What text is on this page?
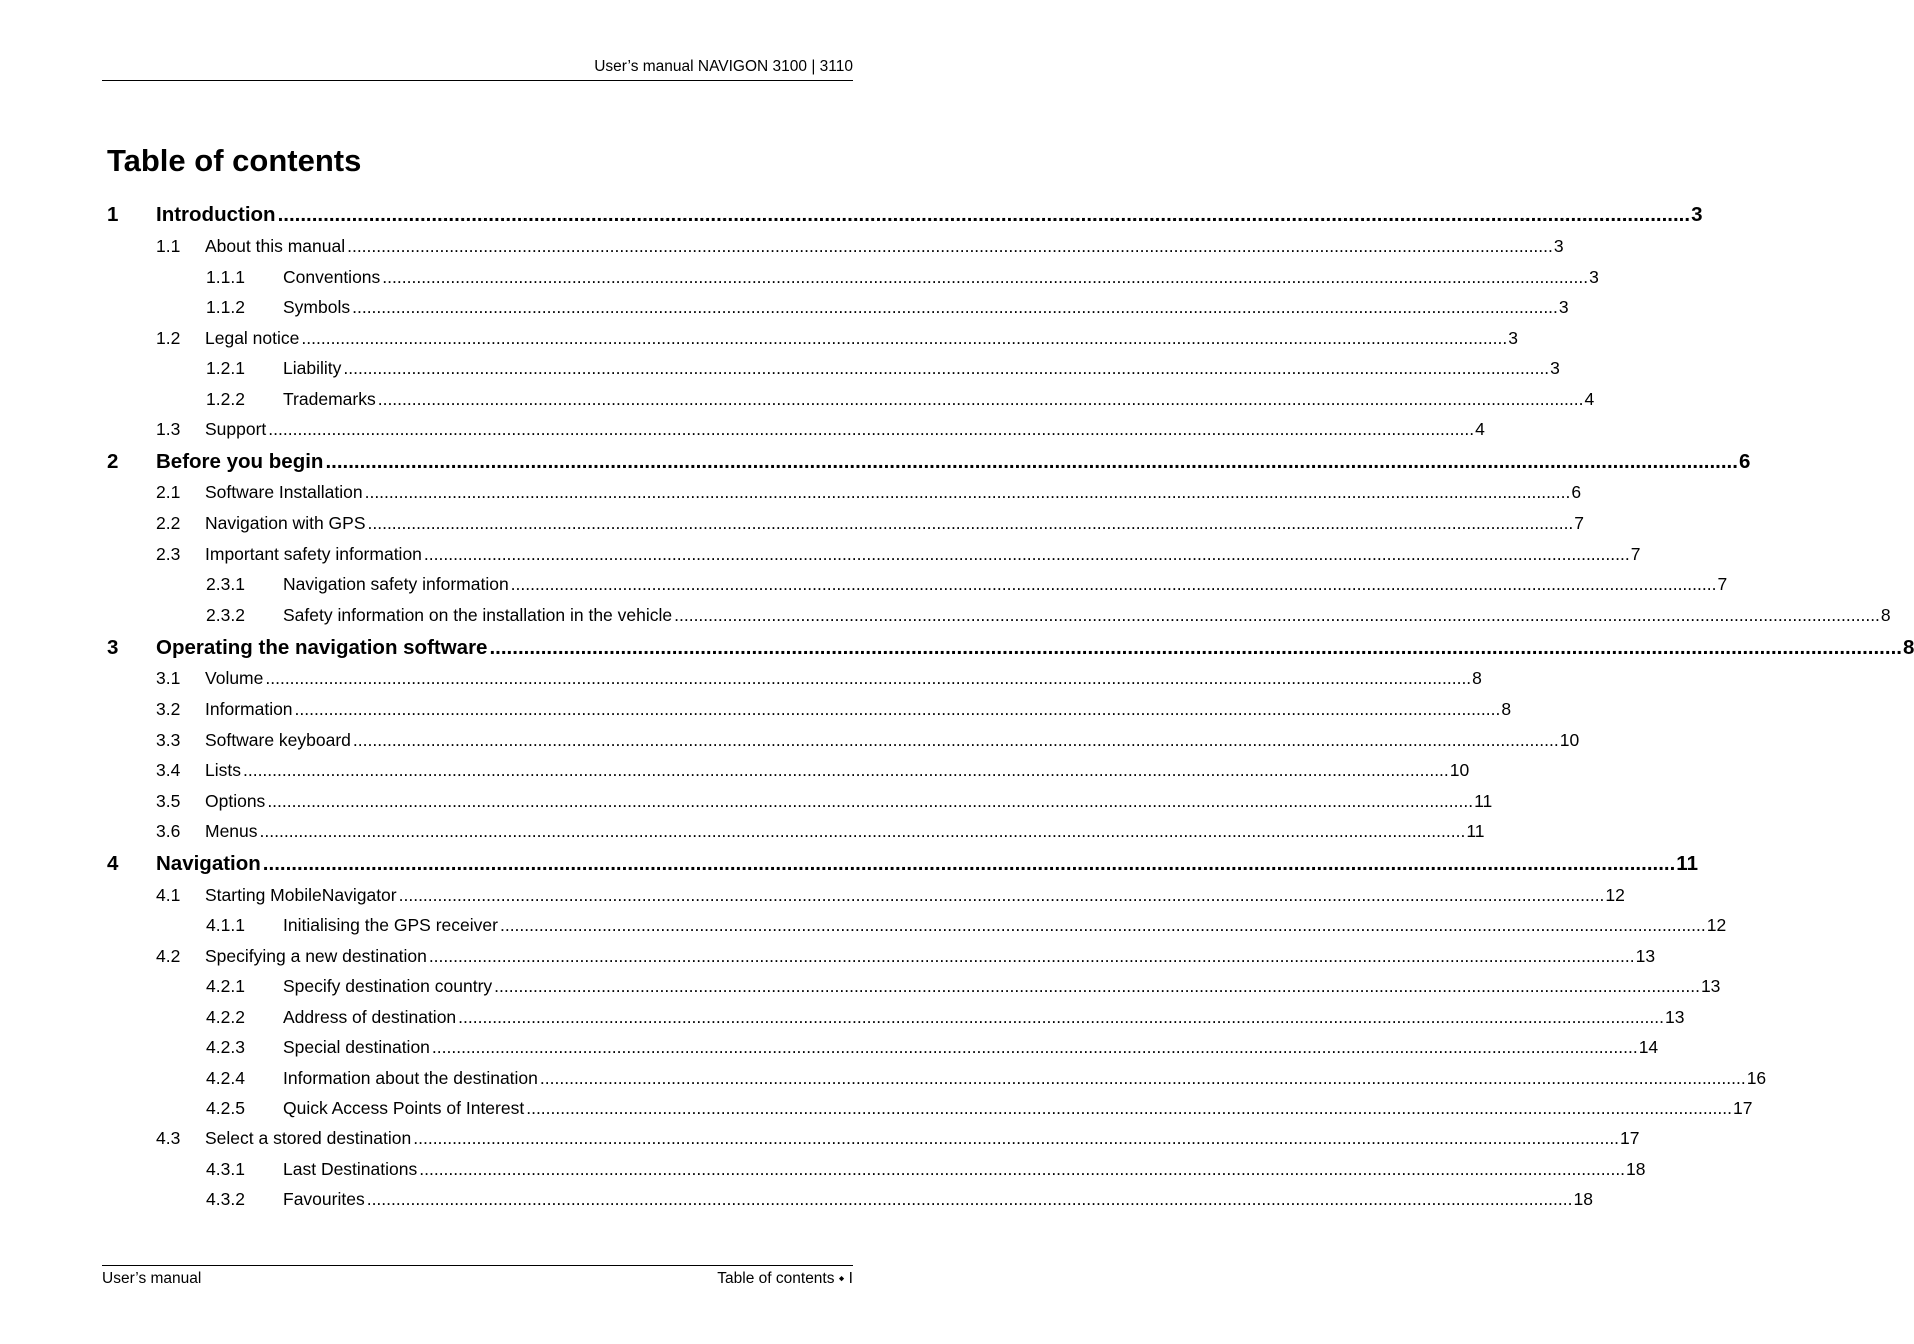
User’s manual NAVIGON 3100 | 3110
Table of contents
1 Introduction .....	3
1.1 About this manual .....	3
1.1.1 Conventions .....	3
1.1.2 Symbols .....	3
1.2 Legal notice .....	3
1.2.1 Liability .....	3
1.2.2 Trademarks .....	4
1.3 Support .....	4
2 Before you begin .....	6
2.1 Software Installation .....	6
2.2 Navigation with GPS .....	7
2.3 Important safety information .....	7
2.3.1 Navigation safety information .....	7
2.3.2 Safety information on the installation in the vehicle .....	8
3 Operating the navigation software .....	8
3.1 Volume .....	8
3.2 Information .....	8
3.3 Software keyboard .....	10
3.4 Lists .....	10
3.5 Options .....	11
3.6 Menus .....	11
4 Navigation .....	11
4.1 Starting MobileNavigator .....	12
4.1.1 Initialising the GPS receiver .....	12
4.2 Specifying a new destination .....	13
4.2.1 Specify destination country .....	13
4.2.2 Address of destination .....	13
4.2.3 Special destination .....	14
4.2.4 Information about the destination .....	16
4.2.5 Quick Access Points of Interest .....	17
4.3 Select a stored destination .....	17
4.3.1 Last Destinations .....	18
4.3.2 Favourites .....	18
User’s manual	Table of contents ⬩ I
